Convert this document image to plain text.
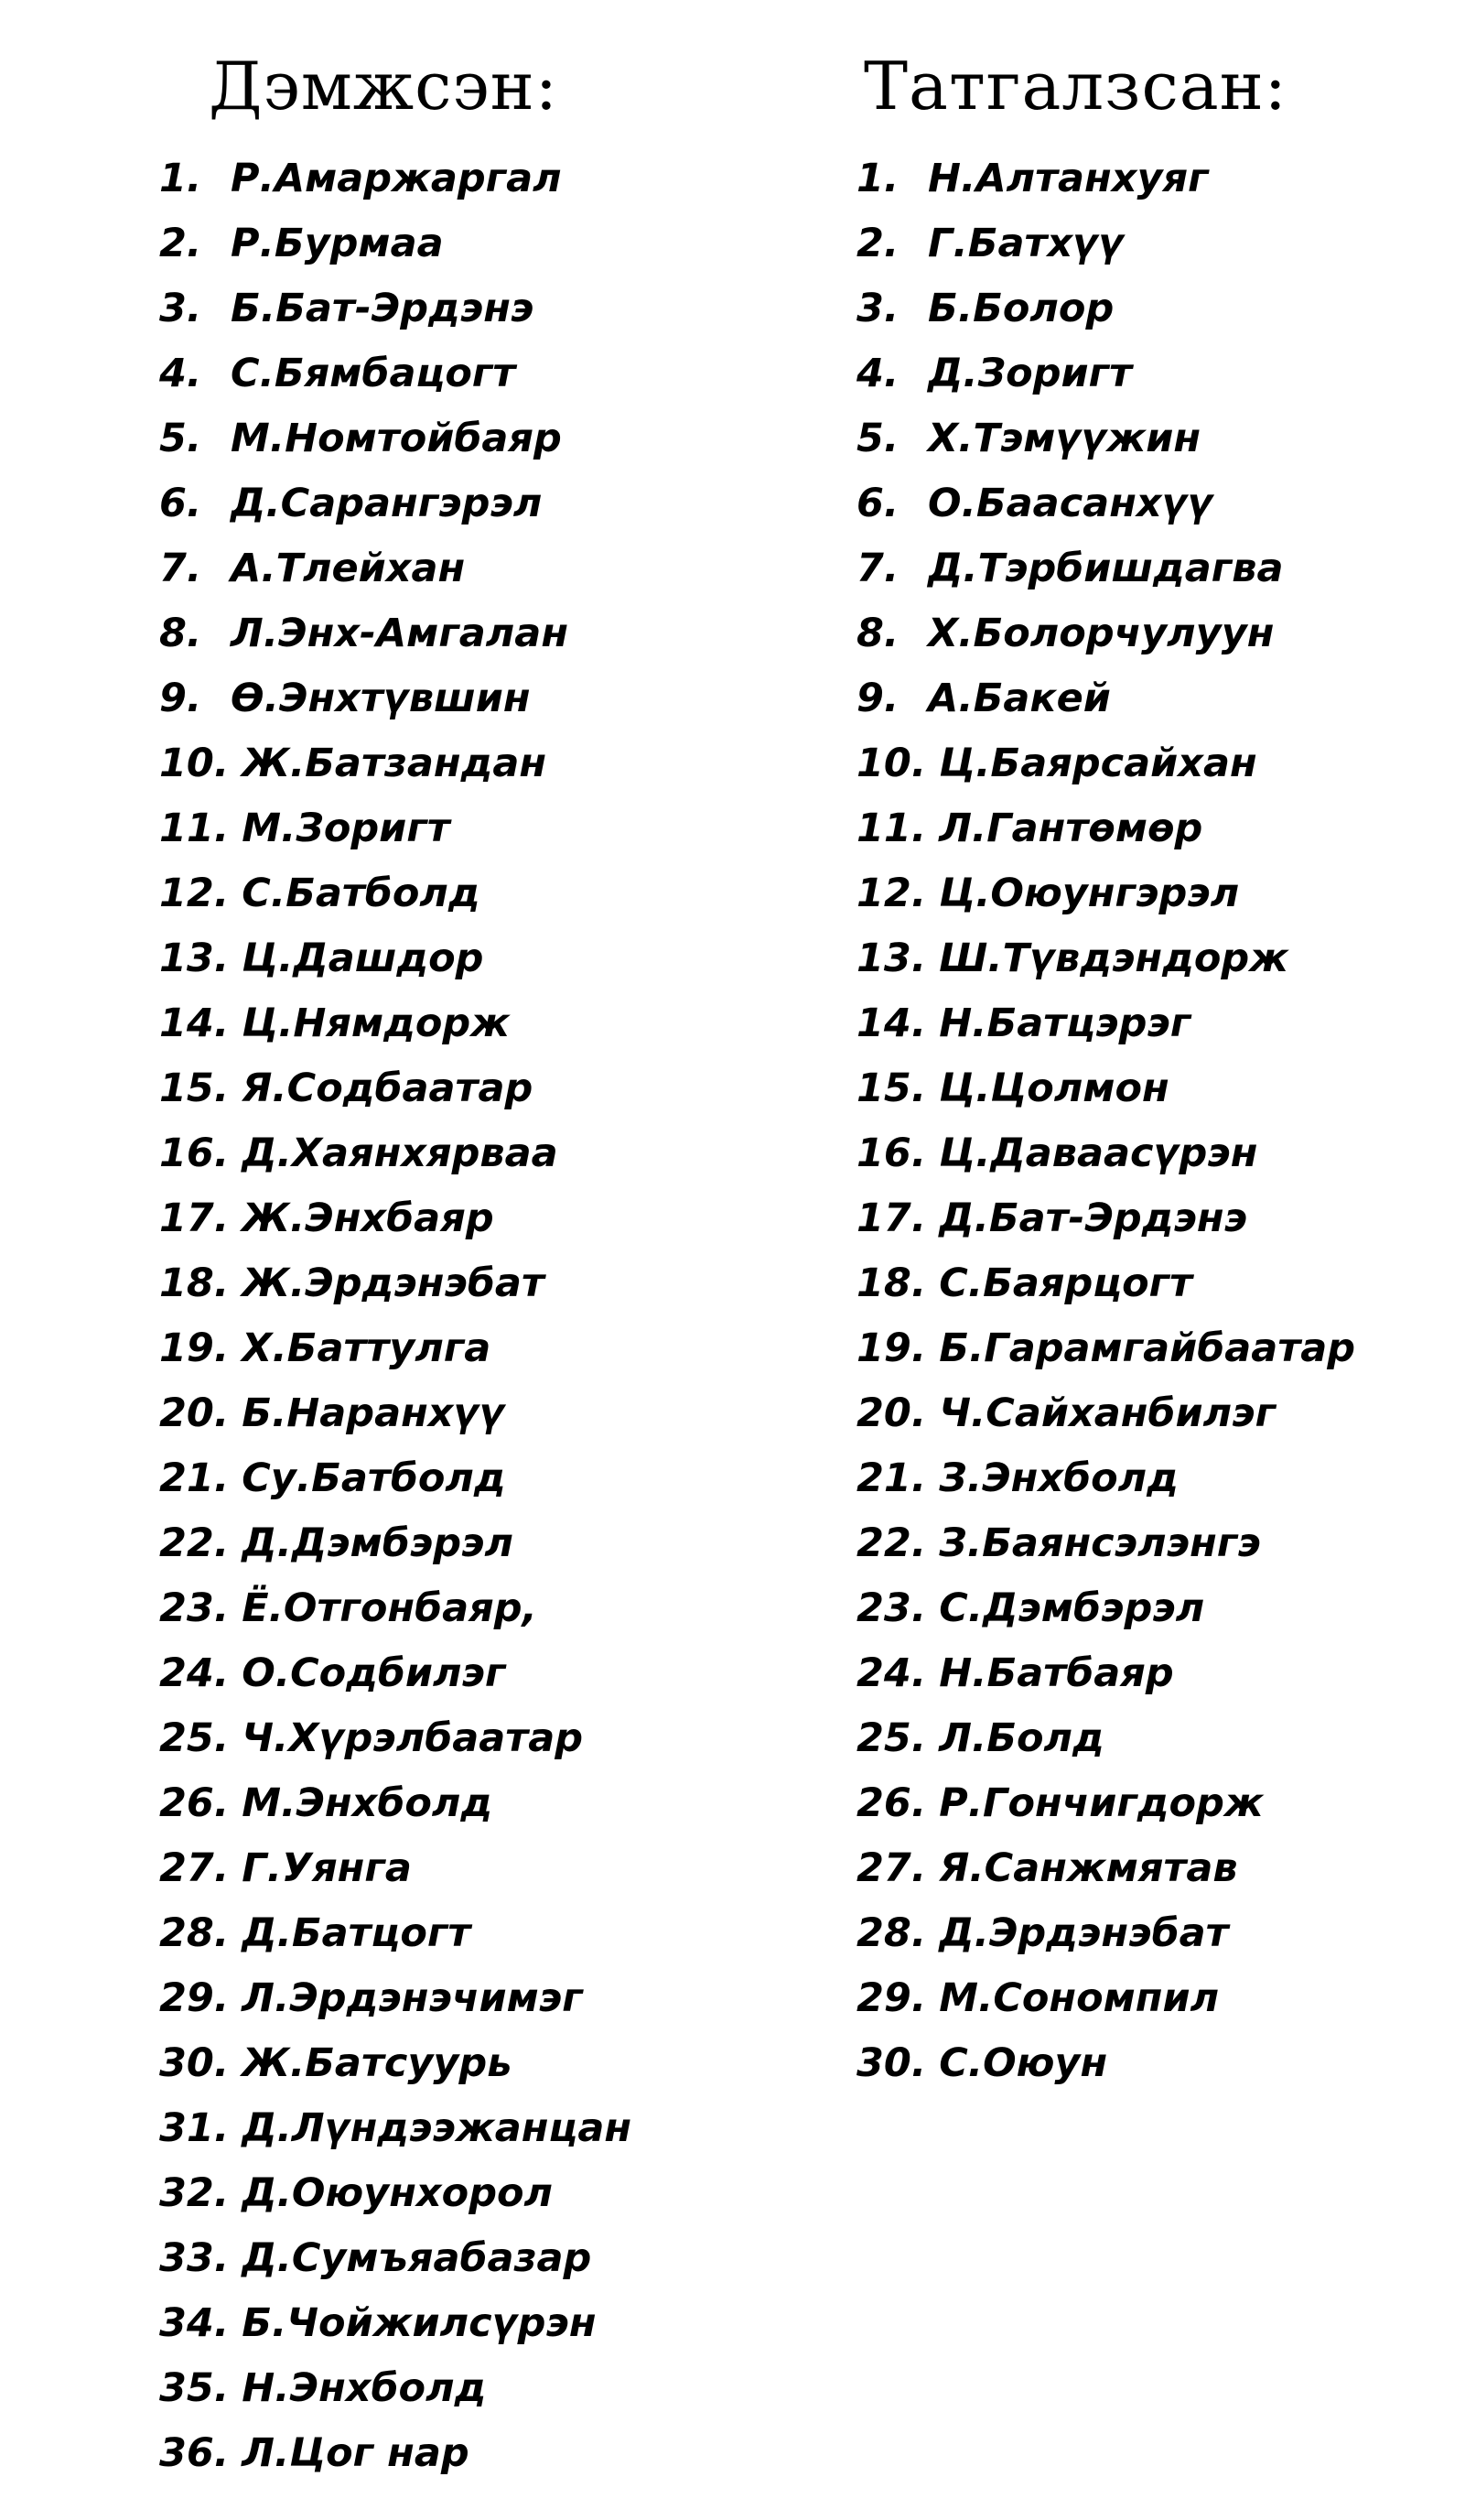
Дэмжсэн:
1. Р.Амаржаргал
2. Р.Бурмаа
3. Б.Бат-Эрдэнэ
4. С.Бямбацогт
5. М.Номтойбаяр
6. Д.Сарангэрэл
7. А.Тлейхан
8. Л.Энх-Амгалан
9. Ө.Энхтүвшин
10. Ж.Батзандан
11. М.Зоригт
12. С.Батболд
13. Ц.Дашдор
14. Ц.Нямдорж
15. Я.Содбаатар
16. Д.Хаянхярваа
17. Ж.Энхбаяр
18. Ж.Эрдэнэбат
19. Х.Баттулга
20. Б.Наранхүү
21. Су.Батболд
22. Д.Дэмбэрэл
23. Ё.Отгонбаяр,
24. О.Содбилэг
25. Ч.Хүрэлбаатар
26. М.Энхболд
27. Г.Уянга
28. Д.Батцогт
29. Л.Эрдэнэчимэг
30. Ж.Батсуурь
31. Д.Лүндээжанцан
32. Д.Оюунхорол
33. Д.Сумъяабазар
34. Б.Чойжилсүрэн
35. Н.Энхболд
36. Л.Цог нар
Татгалзсан:
1. Н.Алтанхуяг
2. Г.Батхүү
3. Б.Болор
4. Д.Зоригт
5. Х.Тэмүүжин
6. О.Баасанхүү
7. Д.Тэрбишдагва
8. Х.Болорчулуун
9. А.Бакей
10. Ц.Баярсайхан
11. Л.Гантөмөр
12. Ц.Оюунгэрэл
13. Ш.Түвдэндорж
14. Н.Батцэрэг
15. Ц.Цолмон
16. Ц.Даваасүрэн
17. Д.Бат-Эрдэнэ
18. С.Баярцогт
19. Б.Гарамгайбаатар
20. Ч.Сайханбилэг
21. З.Энхболд
22. З.Баянсэлэнгэ
23. С.Дэмбэрэл
24. Н.Батбаяр
25. Л.Болд
26. Р.Гончигдорж
27. Я.Санжмятав
28. Д.Эрдэнэбат
29. М.Сономпил
30. С.Оюун
